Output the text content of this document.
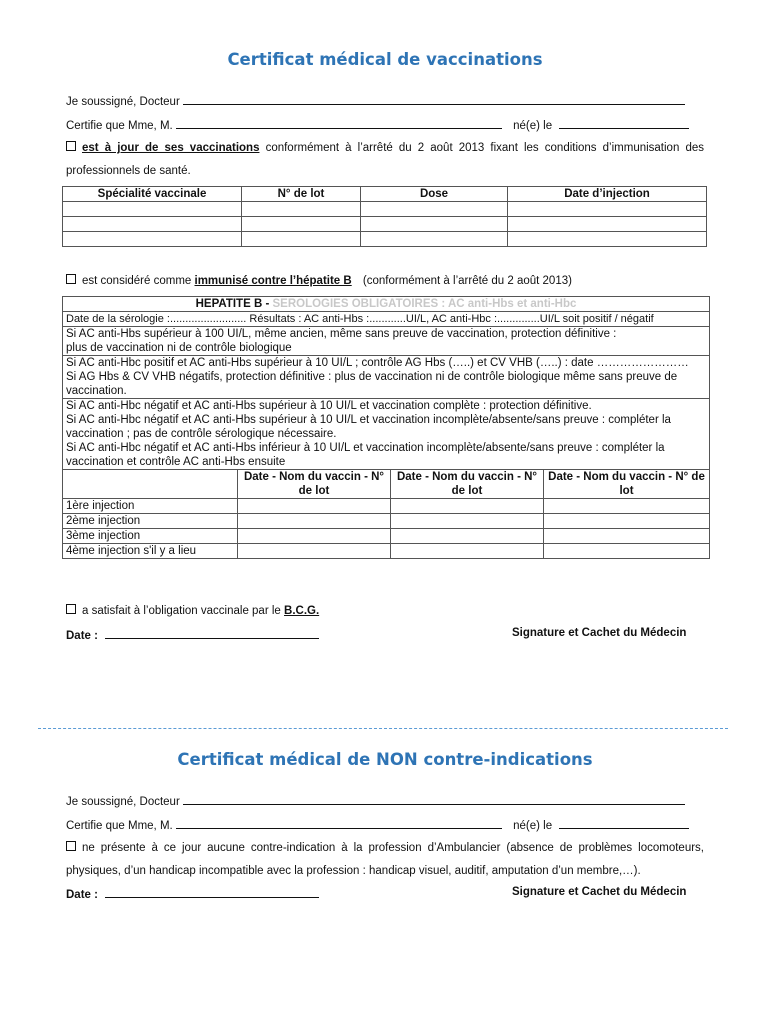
Certificat médical de vaccinations
Je soussigné, Docteur
Certifie que Mme, M.	né(e) le
est à jour de ses vaccinations conformément à l’arrêté du 2 août 2013 fixant les conditions d’immunisation des
professionnels de santé.
Spécialité vaccinale	N° de lot	Dose	Date d’injection

est considéré comme immunisé contre l’hépatite B (conformément à l’arrêté du 2 août 2013)
HEPATITE B - SEROLOGIES OBLIGATOIRES : AC anti-Hbs et anti-Hbc			
Date de la sérologie :......................... Résultats : AC anti-Hbs :............UI/L, AC anti-Hbc :..............UI/L soit positif / négatif			

Si AC anti-Hbs supérieur à 100 UI/L, même ancien, même sans preuve de vaccination, protection définitive :
plus de vaccination ni de contrôle biologique			

Si AC anti-Hbc positif et AC anti-Hbs supérieur à 10 UI/L ; contrôle AG Hbs (…..) et CV VHB (…..) : date ……………………
Si AG Hbs & CV VHB négatifs, protection définitive : plus de vaccination ni de contrôle biologique même sans preuve de
vaccination.			

Si AC anti-Hbc négatif et AC anti-Hbs supérieur à 10 UI/L et vaccination complète : protection définitive.
Si AC anti-Hbc négatif et AC anti-Hbs supérieur à 10 UI/L et vaccination incomplète/absente/sans preuve : compléter la
vaccination ; pas de contrôle sérologique nécessaire.
Si AC anti-Hbc négatif et AC anti-Hbs inférieur à 10 UI/L et vaccination incomplète/absente/sans preuve : compléter la
vaccination et contrôle AC anti-Hbs ensuite			

	Date - Nom du vaccin - N° de lot	Date - Nom du vaccin - N° de lot	Date - Nom du vaccin - N° de lot
1ère injection			
2ème injection			
3ème injection			
4ème injection s'il y a lieu			
a satisfait à l’obligation vaccinale par le B.C.G.
Date :	Signature et Cachet du Médecin
Certificat médical de NON contre-indications
Je soussigné, Docteur
Certifie que Mme, M.	né(e) le
ne présente à ce jour aucune contre-indication à la profession d’Ambulancier (absence de problèmes locomoteurs,
physiques, d’un handicap incompatible avec la profession : handicap visuel, auditif, amputation d’un membre,…).
Date :	Signature et Cachet du Médecin
